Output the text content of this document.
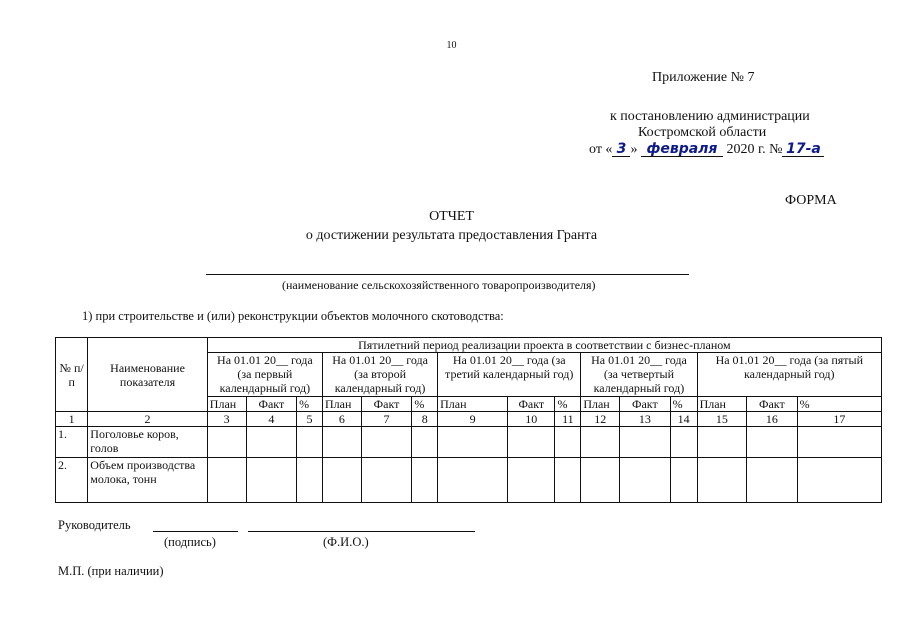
10
Приложение № 7
к постановлению администрации
Костромской области
от « 3 » февраля 2020 г. № 17-а
ФОРМА
ОТЧЕТ
о достижении результата предоставления Гранта
(наименование сельскохозяйственного товаропроизводителя)
1) при строительстве и (или) реконструкции объектов молочного скотоводства:
№ п/п	Наименование показателя	Пятилетний период реализации проекта в соответствии с бизнес-планом														
		На 01.01 20__ года (за первый календарный год)			На 01.01 20__ года (за второй календарный год)			На 01.01 20__ года (за третий календарный год)			На 01.01 20__ года (за четвертый календарный год)			На 01.01 20__ года (за пятый календарный год)		
		План	Факт	%	План	Факт	%	План	Факт	%	План	Факт	%	План	Факт	%
1	2	3	4	5	6	7	8	9	10	11	12	13	14	15	16	17
1.	Поголовье коров, голов															
2.	Объем производства молока, тонн															
Руководитель
(подпись)	(Ф.И.О.)
М.П. (при наличии)
